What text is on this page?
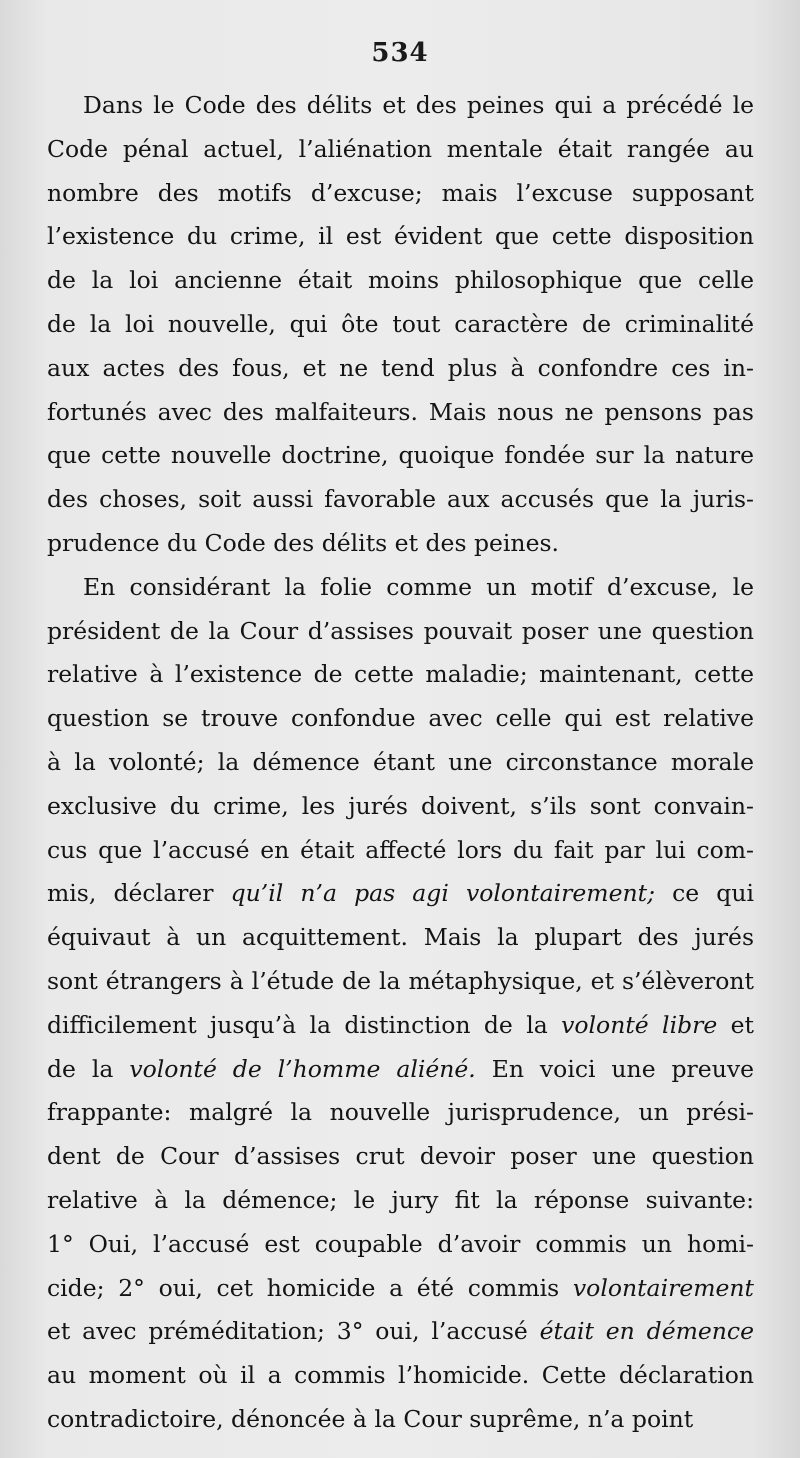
534
Dans le Code des délits et des peines qui a précédé le
Code pénal actuel, l’aliénation mentale était rangée au
nombre des motifs d’excuse; mais l’excuse supposant
l’existence du crime, il est évident que cette disposition
de la loi ancienne était moins philosophique que celle
de la loi nouvelle, qui ôte tout caractère de criminalité
aux actes des fous, et ne tend plus à confondre ces in-
fortunés avec des malfaiteurs. Mais nous ne pensons pas
que cette nouvelle doctrine, quoique fondée sur la nature
des choses, soit aussi favorable aux accusés que la juris-
prudence du Code des délits et des peines.
En considérant la folie comme un motif d’excuse, le
président de la Cour d’assises pouvait poser une question
relative à l’existence de cette maladie; maintenant, cette
question se trouve confondue avec celle qui est relative
à la volonté; la démence étant une circonstance morale
exclusive du crime, les jurés doivent, s’ils sont convain-
cus que l’accusé en était affecté lors du fait par lui com-
mis, déclarer qu’il n’a pas agi volontairement; ce qui
équivaut à un acquittement. Mais la plupart des jurés
sont étrangers à l’étude de la métaphysique, et s’élèveront
difficilement jusqu’à la distinction de la volonté libre et
de la volonté de l’homme aliéné. En voici une preuve
frappante: malgré la nouvelle jurisprudence, un prési-
dent de Cour d’assises crut devoir poser une question
relative à la démence; le jury fit la réponse suivante:
1° Oui, l’accusé est coupable d’avoir commis un homi-
cide; 2° oui, cet homicide a été commis volontairement
et avec préméditation; 3° oui, l’accusé était en démence
au moment où il a commis l’homicide. Cette déclaration
contradictoire, dénoncée à la Cour suprême, n’a point
